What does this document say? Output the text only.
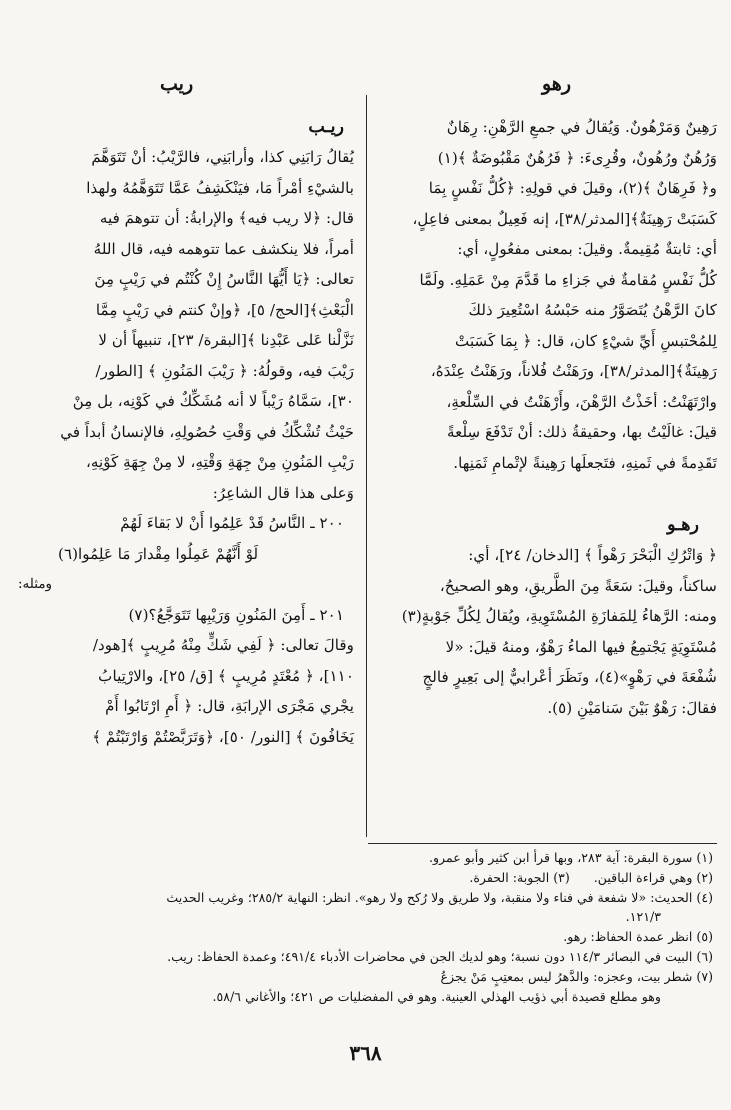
رهو
ريب

رَهِينٌ وَمَرْهُونٌ. وَيُقالُ في جمعِ الرَّهْنِ: رِهَانٌ

وَرُهُنٌ ورُهُونٌ، وقُرِىءَ: ﴿ فَرُهُنٌ مَقْبُوضَةٌ ﴾(١)

و﴿ فَرِهَانٌ ﴾(٢)، وقيلَ في قولِهِ: ﴿كُلُّ نَفْسٍ بِمَا

كَسَبَتْ رَهِينَةٌ﴾[المدثر/٣٨]، إنه فَعِيلٌ بمعنى فاعِلٍ،

أي: ثابتةٌ مُقِيمةٌ. وقيلَ: بمعنى مفعُولٍ، أي:

كُلُّ نَفْسٍ مُقامةٌ في جَزاءِ ما قَدَّمَ مِنْ عَمَلِهِ. ولَمَّا

كانَ الرَّهْنُ يُتَصَوَّرُ منه حَبْسُهُ اسْتُعِيرَ ذلكَ

لِلمُحْتبسِ أَيِّ شيْءٍ كان، قال: ﴿ بِمَا كَسَبَتْ

رَهِينَةٌ﴾[المدثر/٣٨]، ورَهَنْتُ فُلاناً، ورَهَنْتُ عِنْدَهُ،

وارْتَهَنْتُ: أخَذْتُ الرَّهْنَ، وأَرْهَنْتُ في السِّلْعةِ،

قيلَ: غالَيْتُ بها، وحقيقةُ ذلك: أنْ تَدْفَعَ سِلْعةً

تَقَدِمةً في ثَمنِهِ، فتَجعلَها رَهِينةً لإتْمامِ ثَمَنِها.

رهـو

﴿ وَاتْرُكِ الْبَحْرَ رَهْواً ﴾ [الدخان/ ٢٤]، أي:

ساكناً، وقيلَ: سَعَةً مِنَ الطَّريقِ، وهو الصحيحُ،

ومنه: الرَّهاءُ لِلمَفازَةِ المُسْتَوِيةِ، ويُقالُ لِكُلِّ جَوْبةٍ(٣)

مُسْتَوِيَةٍ يَجْتمِعُ فيها الماءُ رَهْوٌ، ومنهُ قيلَ: «لا

شُفْعَةَ في رَهْوٍ»(٤)، ونَظَرَ أعْرابيٌّ إلى بَعِيرٍ فالجٍ

فقالَ: رَهْوٌ بَيْنَ سَنامَيْنِ (٥).

ريـب

يُقالُ رَابَنِي كذا، وأرابَنِي، فالرَّيْبُ: أنْ تَتَوَهَّمَ

بالشيْءِ أمْراً مَا، فيَنْكَشِفُ عَمَّا تَتَوَهَّمُهُ ولهذا

قال: ﴿لا ريب فيه﴾ والإرابةُ: أن تتوهمَ فيه

أمراً، فلا ينكشف عما تتوهمه فيه، قال اللهُ

تعالى: ﴿يَا أَيُّهَا النَّاسُ إِنْ كُنْتُم في رَيْبٍ مِنَ

الْبَعْثِ﴾[الحج/ ٥]، ﴿وإنْ كنتم في رَيْبٍ مِمَّا

نَزَّلْنا عَلى عَبْدِنا ﴾[البقرة/ ٢٣]، تنبيهاً أن لا

رَيْبَ فيه، وقولُهُ: ﴿ رَيْبَ المَنُونِ ﴾ [الطور/

٣٠]، سَمَّاهُ رَيْباً لا أنه مُشَكِّكٌ في كَوْنِه، بل مِنْ

حَيْثُ تُشْكِّكُ في وَقْتِ حُصُولِهِ، فالإنسانُ أبداً في

رَيْبِ المَنُونِ مِنْ جِهَةِ وَقْتِهِ، لا مِنْ جِهَةِ كَوْنِهِ،

وَعلى هذا قال الشاعِرُ:

٢٠٠ ـ النَّاسُ قَدْ عَلِمُوا أَنْ لا بَقاءَ لَهُمْ

لَوْ أَنَّهُمْ عَمِلُوا مِقْدارَ مَا عَلِمُوا(٦)

ومثله:

٢٠١ ـ أَمِنَ المَنُونِ وَرَيْبِها تَتَوَجَّعُ؟(٧)

وقالَ تعالى: ﴿ لَفِي شَكٍّ مِنْهُ مُرِيبٍ ﴾[هود/

١١٠]، ﴿ مُعْتَدٍ مُرِيبٍ ﴾ [ق/ ٢٥]، والارْتِيابُ

يجْري مَجْرَى الإرابَةِ، قال: ﴿ أَمِ ارْتَابُوا أَمْ

يَخَافُونَ ﴾ [النور/ ٥٠]، ﴿وَتَرَبَّصْتُمْ وَارْتَبْتُمْ ﴾

(١) سورة البقرة: آية ٢٨٣، وبها قرأ ابن كثير وأبو عمرو.

(٢) وهي قراءة الباقين.
(٣) الجوبة: الحفرة.

(٤) الحديث: «لا شفعة في فناء ولا منقبة، ولا طريق ولا رُكح ولا رهو». انظر: النهاية ٢٨٥/٢؛ وغريب الحديث

١٢١/٣.

(٥) انظر عمدة الحفاظ: رهو.

(٦) البيت في البصائر ١١٤/٣ دون نسبة؛ وهو لديك الجن في محاضرات الأدباء ٤٩١/٤؛ وعمدة الحفاظ: ريب.

(٧) شطر بيت، وعجزه: والدَّهرُ ليس بمعتِبٍ مَنْ يجزعُ

وهو مطلع قصيدة أبي ذؤيب الهذلي العينية. وهو في المفضليات ص ٤٢١؛ والأغاني ٥٨/٦.

٣٦٨
